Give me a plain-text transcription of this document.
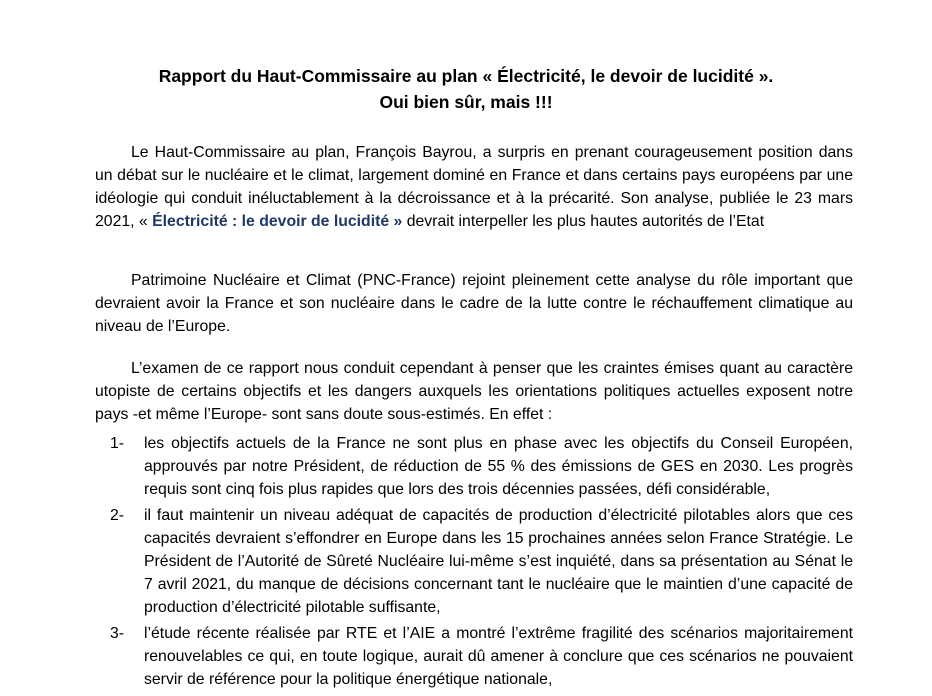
Rapport du Haut-Commissaire au plan « Électricité, le devoir de lucidité ».
Oui bien sûr, mais !!!
Le Haut-Commissaire au plan, François Bayrou, a surpris en prenant courageusement position dans un débat sur le nucléaire et le climat, largement dominé en France et dans certains pays européens par une idéologie qui conduit inéluctablement à la décroissance et à la précarité. Son analyse, publiée le 23 mars 2021, « Électricité : le devoir de lucidité » devrait interpeller les plus hautes autorités de l’Etat
Patrimoine Nucléaire et Climat (PNC-France) rejoint pleinement cette analyse du rôle important que devraient avoir la France et son nucléaire dans le cadre de la lutte contre le réchauffement climatique au niveau de l’Europe.
L’examen de ce rapport nous conduit cependant à penser que les craintes émises quant au caractère utopiste de certains objectifs et les dangers auxquels les orientations politiques actuelles exposent notre pays -et même l’Europe- sont sans doute sous-estimés. En effet :
1- les objectifs actuels de la France ne sont plus en phase avec les objectifs du Conseil Européen, approuvés par notre Président, de réduction de 55 % des émissions de GES en 2030. Les progrès requis sont cinq fois plus rapides que lors des trois décennies passées, défi considérable,
2- il faut maintenir un niveau adéquat de capacités de production d’électricité pilotables alors que ces capacités devraient s’effondrer en Europe dans les 15 prochaines années selon France Stratégie. Le Président de l’Autorité de Sûreté Nucléaire lui-même s’est inquiété, dans sa présentation au Sénat le 7 avril 2021, du manque de décisions concernant tant le nucléaire que le maintien d’une capacité de production d’électricité pilotable suffisante,
3- l’étude récente réalisée par RTE et l’AIE a montré l’extrême fragilité des scénarios majoritairement renouvelables ce qui, en toute logique, aurait dû amener à conclure que ces scénarios ne pouvaient servir de référence pour la politique énergétique nationale,
